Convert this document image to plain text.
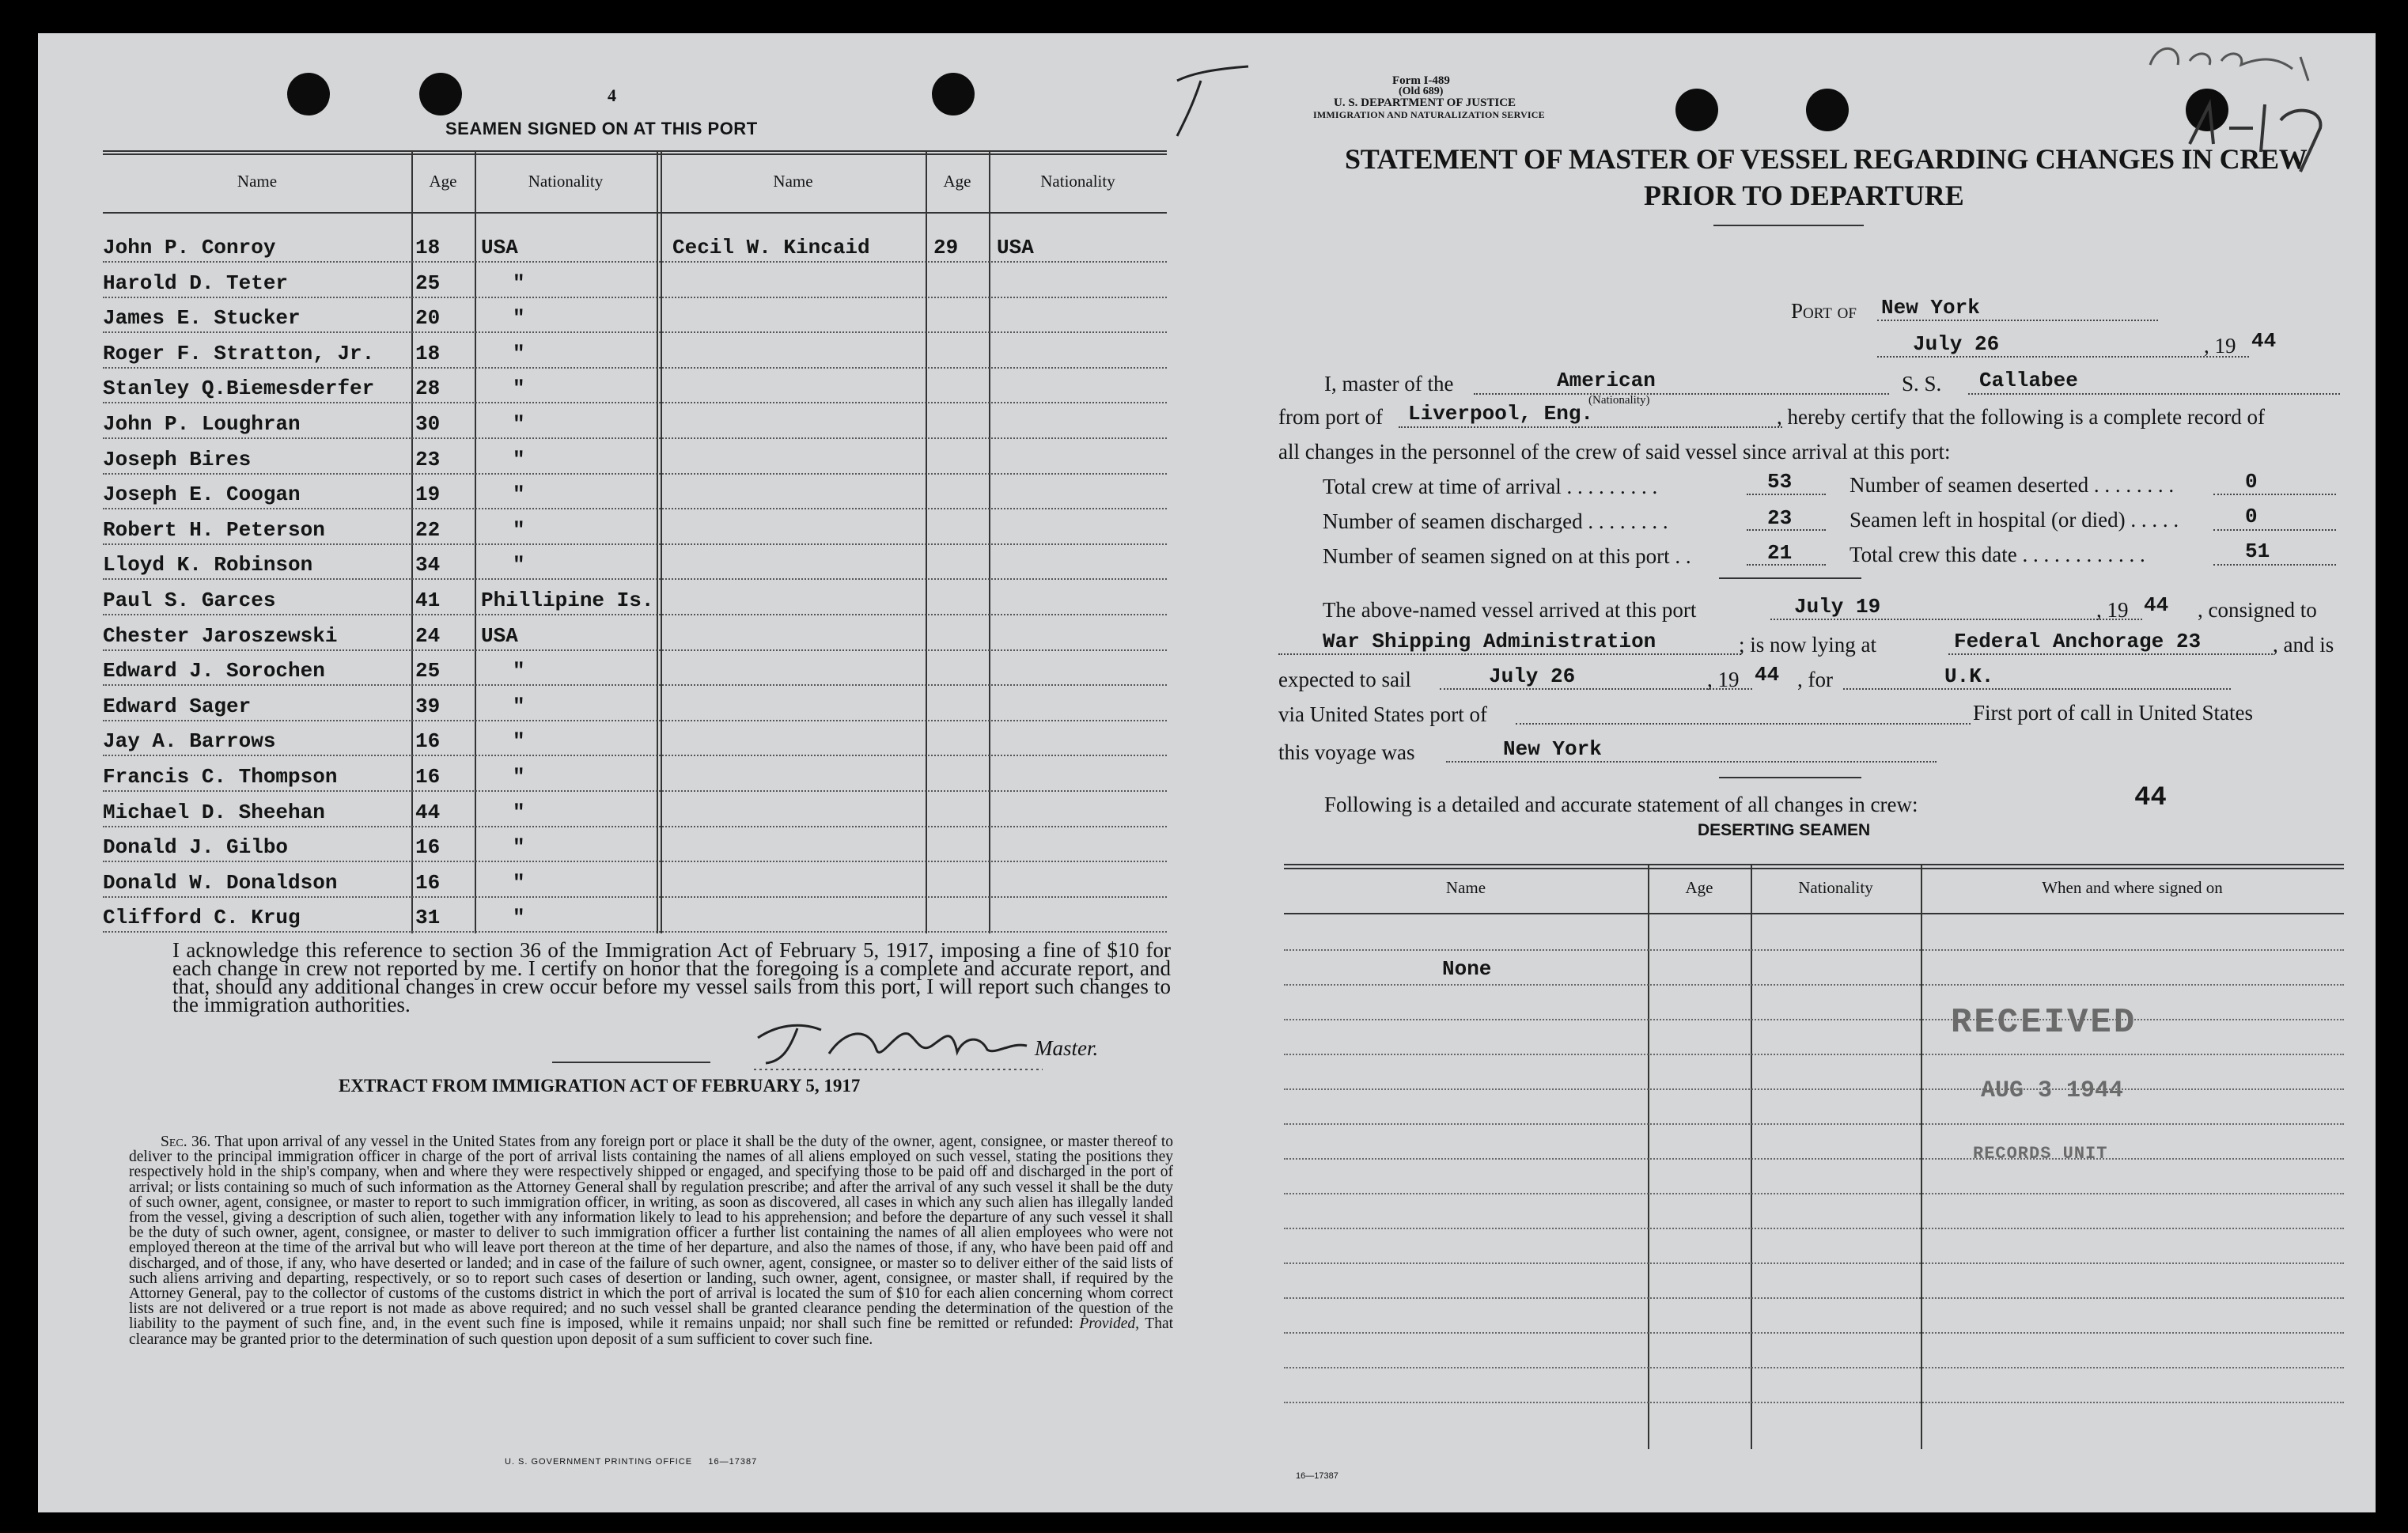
4
SEAMEN SIGNED ON AT THIS PORT
Name	Age	Nationality	Name	Age	Nationality
John P. Conroy	18 USA	Cecil W. Kincaid	29 USA
Harold D. Teter	25	"
James E. Stucker	20	"
Roger F. Stratton, Jr. 18	"
Stanley Q.Biemesderfer 28	"
John P. Loughran	30	"
Joseph Bires	23	"
Joseph E. Coogan	19	"
Robert H. Peterson	22	"
Lloyd K. Robinson	34	"
Paul S. Garces	41 Phillipine Is.
Chester Jaroszewski	24 USA
Edward J. Sorochen	25	"
Edward Sager	39	"
Jay A. Barrows	16	"
Francis C. Thompson	16	"
Michael D. Sheehan	44	"
Donald J. Gilbo	16	"
Donald W. Donaldson	16	"
Clifford C. Krug	31	"
I acknowledge this reference to section 36 of the Immigration Act of February 5, 1917, imposing a fine of $10 for each change in crew not reported by me. I certify on honor that the foregoing is a complete and accurate report, and that, should any additional changes in crew occur before my vessel sails from this port, I will report such changes to the immigration authorities.
Master.
EXTRACT FROM IMMIGRATION ACT OF FEBRUARY 5, 1917
Sec. 36. That upon arrival of any vessel in the United States from any foreign port or place it shall be the duty of the owner, agent, consignee, or master thereof to deliver to the principal immigration officer in charge of the port of arrival lists containing the names of all aliens employed on such vessel, stating the positions they respectively hold in the ship's company, when and where they were respectively shipped or engaged, and specifying those to be paid off and discharged in the port of arrival; or lists containing so much of such information as the Attorney General shall by regulation prescribe; and after the arrival of any such vessel it shall be the duty of such owner, agent, consignee, or master to report to such immigration officer, in writing, as soon as discovered, all cases in which any such alien has illegally landed from the vessel, giving a description of such alien, together with any information likely to lead to his apprehension; and before the departure of any such vessel it shall be the duty of such owner, agent, consignee, or master to deliver to such immigration officer a further list containing the names of all alien employees who were not employed thereon at the time of the arrival but who will leave port thereon at the time of her departure, and also the names of those, if any, who have been paid off and discharged, and of those, if any, who have deserted or landed; and in case of the failure of such owner, agent, consignee, or master so to deliver either of the said lists of such aliens arriving and departing, respectively, or so to report such cases of desertion or landing, such owner, agent, consignee, or master shall, if required by the Attorney General, pay to the collector of customs of the customs district in which the port of arrival is located the sum of $10 for each alien concerning whom correct lists are not delivered or a true report is not made as above required; and no such vessel shall be granted clearance pending the determination of the question of the liability to the payment of such fine, and, in the event such fine is imposed, while it remains unpaid; nor shall such fine be remitted or refunded: Provided, That clearance may be granted prior to the determination of such question upon deposit of a sum sufficient to cover such fine.
U. S. GOVERNMENT PRINTING OFFICE     16—17387
Form I-489
(Old 689)
U. S. DEPARTMENT OF JUSTICE
IMMIGRATION AND NATURALIZATION SERVICE
STATEMENT OF MASTER OF VESSEL REGARDING CHANGES IN CREW
PRIOR TO DEPARTURE
Port of New York
July 26	, 19 44
I, master of the	American
(Nationality)
S. S. Callabee
from port of Liverpool, Eng.	, hereby certify that the following is a complete record of
all changes in the personnel of the crew of said vessel since arrival at this port:
Total crew at time of arrival . . . . . . . . .	53
Number of seamen discharged . . . . . . . .	23
Number of seamen signed on at this port . .	21
Number of seamen deserted . . . . . . . .	0
Seamen left in hospital (or died) . . . . .	0
Total crew this date . . . . . . . . . . . .	51
The above-named vessel arrived at this port	July 19	, 19 44 , consigned to
War Shipping Administration	; is now lying at	Federal Anchorage 23	, and is
expected to sail	July 26	, 19 44 , for	U.K.
via United States port of	First port of call in United States
this voyage was	New York
Following is a detailed and accurate statement of all changes in crew:	44
DESERTING SEAMEN
Name	Age	Nationality	When and where signed on
None
RECEIVED
AUG 3 1944
RECORDS UNIT
16—17387
